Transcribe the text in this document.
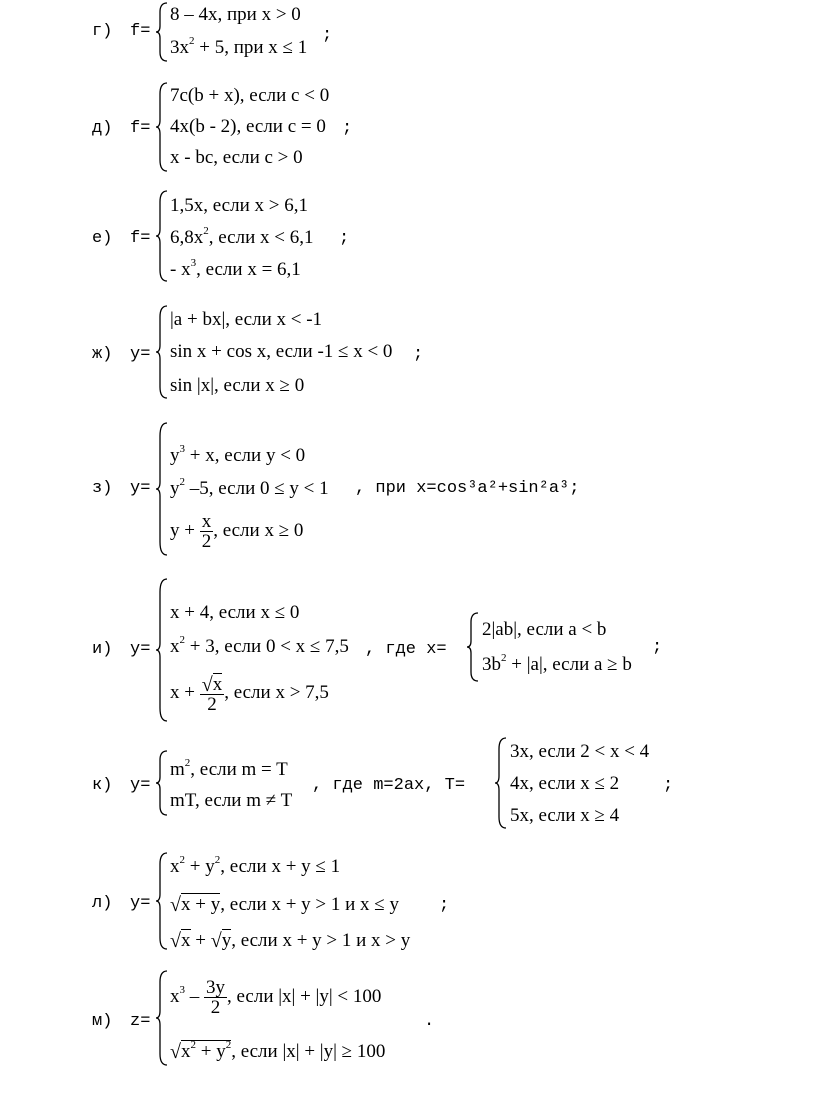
г) f=
8 – 4x, при x > 0
$3x^2 + 5$, при x ≤ 1
;
д) f=
7c(b + x), если c < 0
4x(b - 2), если c = 0
x - bc, если c > 0
;
е) f=
1,5x, если x > 6,1
$6,8x^2$, если x < 6,1
- $x^3$, если x = 6,1
;
ж) y=
|a + bx|, если x < -1
sin x + cos x, если -1 ≤ x < 0
sin |x|, если x ≥ 0
;
з) y=
$y^3 + x$, если y < 0
$y^2$ –5, если 0 ≤ y < 1
$y + \frac{x}{2}$ , если x ≥ 0
, при x=cos³a²+sin²a³;
и) y=
x + 4, если x ≤ 0
$x^2 + 3$, если 0 < x ≤ 7,5
$x + \frac{√ x}{2}$ , если x > 7,5
, где x=
2|ab|, если a < b
$3b^2 + |a|$, если a ≥ b
;
к) y=
$m^2$, если m = T
mT, если m ≠ T
, где m=2ax, T=
3x, если 2 < x < 4
4x, если x ≤ 2
5x, если x ≥ 4
;
л) y=
$x^2 + y^2$, если x + y ≤ 1
√ x + y, если x + y > 1 и x ≤ y
√ x + √ y, если x + y > 1 и x > y
;
м) z=
$x^3 - \frac{3y}{2}$ , если |x| + |y| < 100
√ $x^2 + y^2$, если |x| + |y| ≥ 100
.
